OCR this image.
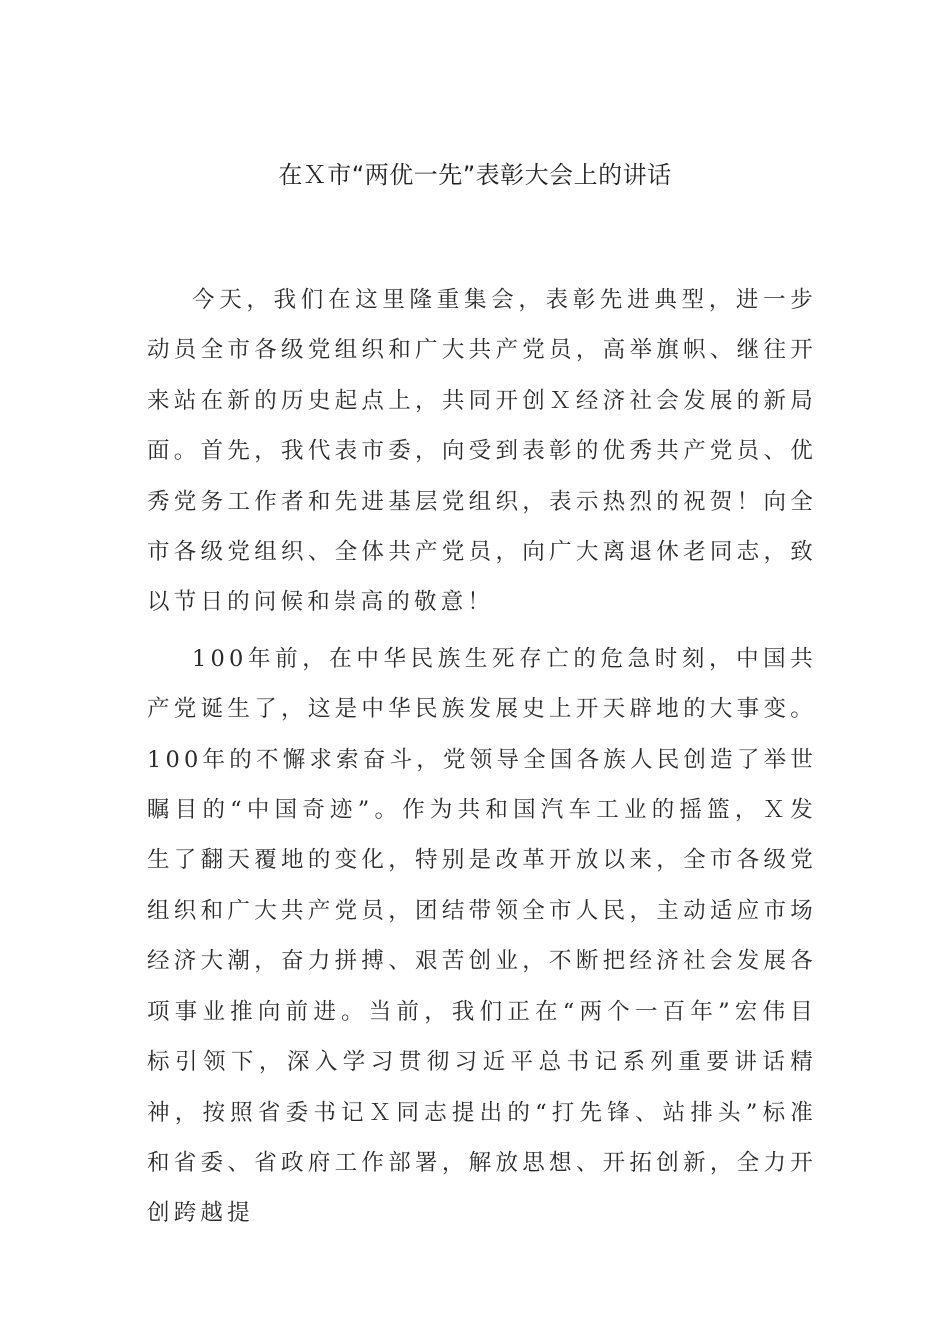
在Ｘ市“两优一先”表彰大会上的讲话

今天，我们在这里隆重集会，表彰先进典型，进一步动员全市各级党组织和广大共产党员，高举旗帜、继往开来站在新的历史起点上，共同开创Ｘ经济社会发展的新局面。首先，我代表市委，向受到表彰的优秀共产党员、优秀党务工作者和先进基层党组织，表示热烈的祝贺！向全市各级党组织、全体共产党员，向广大离退休老同志，致以节日的问候和崇高的敬意！

100年前，在中华民族生死存亡的危急时刻，中国共产党诞生了，这是中华民族发展史上开天辟地的大事变。100年的不懈求索奋斗，党领导全国各族人民创造了举世瞩目的“中国奇迹”。作为共和国汽车工业的摇篮，Ｘ发生了翻天覆地的变化，特别是改革开放以来，全市各级党组织和广大共产党员，团结带领全市人民，主动适应市场经济大潮，奋力拼搏、艰苦创业，不断把经济社会发展各项事业推向前进。当前，我们正在“两个一百年”宏伟目标引领下，深入学习贯彻习近平总书记系列重要讲话精神，按照省委书记Ｘ同志提出的“打先锋、站排头”标准和省委、省政府工作部署，解放思想、开拓创新，全力开创跨越提
